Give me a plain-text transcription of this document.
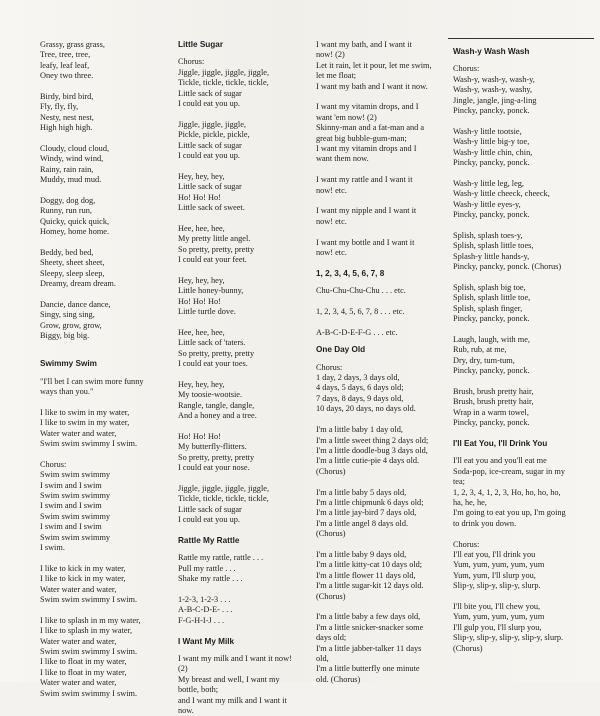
Grassy, grass grass,
Tree, tree, tree,
leafy, leaf leaf,
Oney two three.
Birdy, bird bird,
Fly, fly, fly,
Nesty, nest nest,
High high high.
Cloudy, cloud cloud,
Windy, wind wind,
Rainy, rain rain,
Muddy, mud mud.
Doggy, dog dog,
Runny, run run,
Quicky, quick quick,
Homey, home home.
Beddy, bed bed,
Sheety, sheet sheet,
Sleepy, sleep sleep,
Dreamy, dream dream.
Dancie, dance dance,
Singy, sing sing,
Grow, grow, grow,
Biggy, big big.
Swimmy Swim
"I'll bet I can swim more funny
ways than you."
I like to swim in my water,
I like to swim in my water,
Water water and water,
Swim swim swimmy I swim.
Chorus:
Swim swim swimmy
I swim and I swim
Swim swim swimmy
I swim and I swim
Swim swim swimmy
I swim and I swim
Swim swim swimmy
I swim.
I like to kick in my water,
I like to kick in my water,
Water water and water,
Swim swim swimmy I swim.
I like to splash in m my water,
I like to splash in my water,
Water water and water,
Swim swim swimmy I swim.
I like to float in my water,
I like to float in my water,
Water water and water,
Swim swim swimmy I swim.
Little Sugar
Chorus:
Jiggle, jiggle, jiggle, jiggle,
Tickle, tickle, tickle, tickle,
Little sack of sugar
I could eat you up.
Jiggle, jiggle, jiggle,
Pickle, pickle, pickle,
Little sack of sugar
I could eat you up.
Hey, hey, hey,
Little sack of sugar
Ho! Ho! Ho!
Little sack of sweet.
Hee, hee, hee,
My pretty little angel.
So pretty, pretty, pretty
I could eat your feet.
Hey, hey, hey,
Little honey-bunny,
Ho! Ho! Ho!
Little turtle dove.
Hee, hee, hee,
Little sack of 'taters.
So pretty, pretty, pretty
I could eat your toes.
Hey, hey, hey,
My toosie-wootsie.
Rangle, tangle, dangle,
And a honey and a tree.
Ho! Ho! Ho!
My butterfly-flitters.
So pretty, pretty, pretty
I could eat your nose.
Jiggle, jiggle, jiggle, jiggle,
Tickle, tickle, tickle, tickle,
Little sack of sugar
I could eat you up.
Rattle My Rattle
Rattle my rattle, rattle . . .
Pull my rattle . . .
Shake my rattle . . .
1-2-3, 1-2-3 . . .
A-B-C-D-E- . . .
F-G-H-I-J . . .
I Want My Milk
I want my milk and I want it now!
(2)
My breast and well, I want my
bottle, both;
and I want my milk and I want it
now.
I want my bath, and I want it
now! (2)
Let it rain, let it pour, let me swim,
let me float;
I want my bath and I want it now.
I want my vitamin drops, and I
want 'em now! (2)
Skinny-man and a fat-man and a
great big bubble-gum-man;
I want my vitamin drops and I
want them now.
I want my rattle and I want it
now! etc.
I want my nipple and I want it
now! etc.
I want my bottle and I want it
now! etc.
1, 2, 3, 4, 5, 6, 7, 8
Chu-Chu-Chu-Chu . . . etc.
1, 2, 3, 4, 5, 6, 7, 8 . . . etc.
A-B-C-D-E-F-G . . . etc.
One Day Old
Chorus:
1 day, 2 days, 3 days old,
4 days, 5 days, 6 days old;
7 days, 8 days, 9 days old,
10 days, 20 days, no days old.
I'm a little baby 1 day old,
I'm a little sweet thing 2 days old;
I'm a little doodle-bug 3 days old,
I'm a little cutie-pie 4 days old.
(Chorus)
I'm a little baby 5 days old,
I'm a little chipmunk 6 days old;
I'm a little jay-bird 7 days old,
I'm a little angel 8 days old.
(Chorus)
I'm a little baby 9 days old,
I'm a little kitty-cat 10 days old;
I'm a little flower 11 days old,
I'm a little sugar-kit 12 days old.
(Chorus)
I'm a little baby a few days old,
I'm a little snicker-snacker some
days old;
I'm a little jabber-talker 11 days
old,
I'm a little butterfly one minute
old. (Chorus)
Wash-y Wash Wash
Chorus:
Wash-y, wash-y, wash-y,
Wash-y, wash-y, washy,
Jingle, jangle, jing-a-ling
Pincky, pancky, ponck.
Wash-y little tootsie,
Wash-y little big-y toe,
Wash-y little chin, chin,
Pincky, pancky, ponck.
Wash-y little leg, leg,
Wash-y little cheeck, cheeck,
Wash-y little eyes-y,
Pincky, pancky, ponck.
Splish, splash toes-y,
Splish, splash little toes,
Splash-y little hands-y,
Pincky, pancky, ponck. (Chorus)
Splish, splash big toe,
Splish, splash little toe,
Splish, splash finger,
Pincky, pancky, ponck.
Laugh, laugh, with me,
Rub, rub, at me,
Dry, dry, tum-tum,
Pincky, pancky, ponck.
Brush, brush pretty hair,
Brush, brush pretty hair,
Wrap in a warm towel,
Pincky, pancky, ponck.
I'll Eat You, I'll Drink You
I'll eat you and you'll eat me
Soda-pop, ice-cream, sugar in my
tea;
1, 2, 3, 4, 1, 2, 3, Ho, ho, ho, ho,
ha, he, he,
I'm going to eat you up, I'm going
to drink you down.
Chorus:
I'll eat you, I'll drink you
Yum, yum, yum, yum, yum
Yum, yum, I'll slurp you,
Slip-y, slip-y, slip-y, slurp.
I'll bite you, I'll chew you,
Yum, yum, yum, yum, yum
I'll gulp you, I'll slurp you,
Slip-y, slip-y, slip-y, slip-y, slurp.
(Chorus)
